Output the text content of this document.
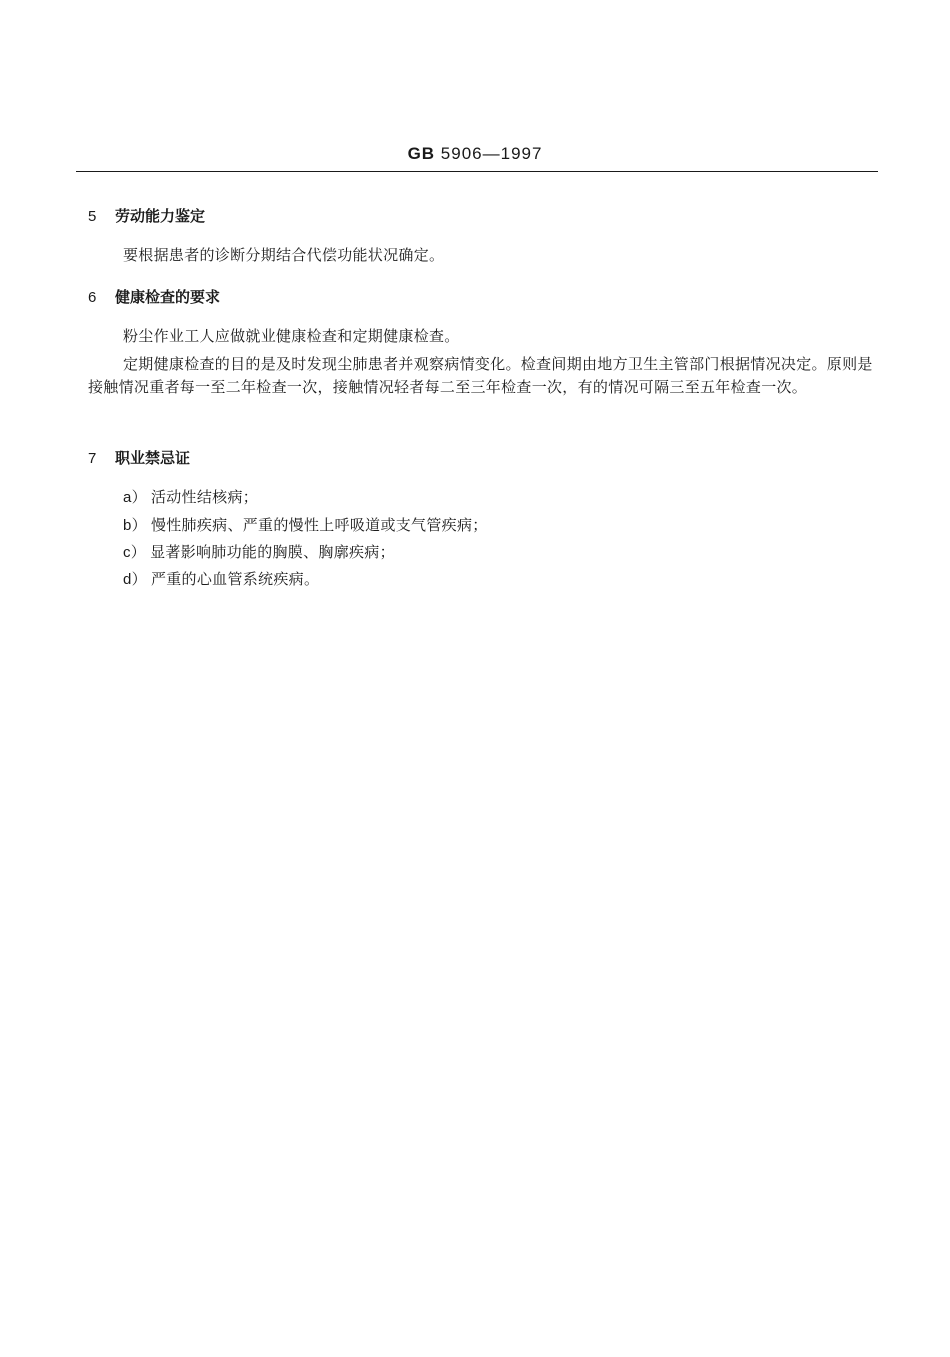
GB 5906—1997
5 劳动能力鉴定
要根据患者的诊断分期结合代偿功能状况确定。
6 健康检查的要求
粉尘作业工人应做就业健康检查和定期健康检查。
定期健康检查的目的是及时发现尘肺患者并观察病情变化。检查间期由地方卫生主管部门根据情况决定。原则是接触情况重者每一至二年检查一次，接触情况轻者每二至三年检查一次，有的情况可隔三至五年检查一次。
7 职业禁忌证
a） 活动性结核病；
b） 慢性肺疾病、严重的慢性上呼吸道或支气管疾病；
c） 显著影响肺功能的胸膜、胸廓疾病；
d） 严重的心血管系统疾病。
